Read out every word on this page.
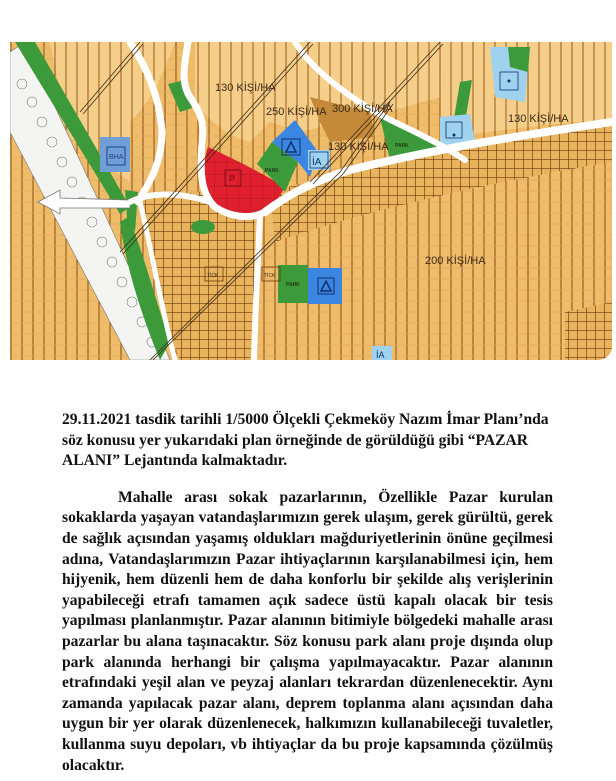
BHA
P
PARK
İA
PARK
PARK
İA
TİCK	TİCK
130 KİŞİ/HA
250 KİŞİ/HA 300 KİŞİ/HA
130 KİŞİ/HA
130 KİŞİ/HA
200 KİŞİ/HA

29.11.2021 tasdik tarihli 1/5000 Ölçekli Çekmeköy Nazım İmar Planı’nda söz konusu yer yukarıdaki plan örneğinde de görüldüğü gibi “PAZAR ALANI” Lejantında kalmaktadır.

Mahalle arası sokak pazarlarının, Özellikle Pazar kurulan sokaklarda yaşayan vatandaşlarımızın gerek ulaşım, gerek gürültü, gerek de sağlık açısından yaşamış oldukları mağduriyetlerinin önüne geçilmesi adına, Vatandaşlarımızın Pazar ihtiyaçlarının karşılanabilmesi için, hem hijyenik, hem düzenli hem de daha konforlu bir şekilde alış verişlerinin yapabileceği etrafı tamamen açık sadece üstü kapalı olacak bir tesis yapılması planlanmıştır. Pazar alanının bitimiyle bölgedeki mahalle arası pazarlar bu alana taşınacaktır. Söz konusu park alanı proje dışında olup park alanında herhangi bir çalışma yapılmayacaktır. Pazar alanının etrafındaki yeşil alan ve peyzaj alanları tekrardan düzenlenecektir. Aynı zamanda yapılacak pazar alanı, deprem toplanma alanı açısından daha uygun bir yer olarak düzenlenecek, halkımızın kullanabileceği tuvaletler, kullanma suyu depoları, vb ihtiyaçlar da bu proje kapsamında çözülmüş olacaktır.
